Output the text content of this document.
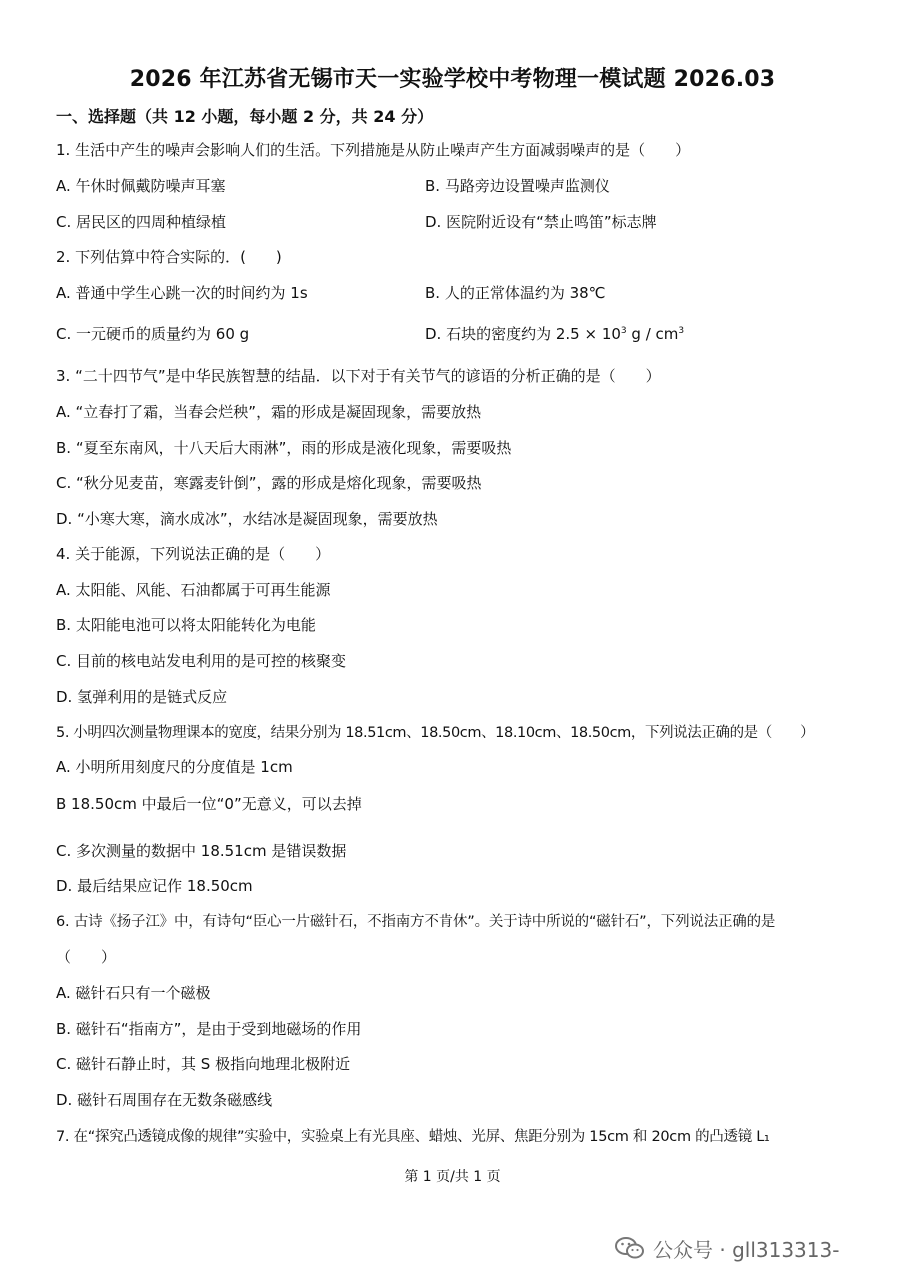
2026 年江苏省无锡市天一实验学校中考物理一模试题 2026.03
一、选择题（共 12 小题，每小题 2 分，共 24 分）
1. 生活中产生的噪声会影响人们的生活。下列措施是从防止噪声产生方面减弱噪声的是（　　）
A. 午休时佩戴防噪声耳塞	B. 马路旁边设置噪声监测仪
C. 居民区的四周种植绿植	D. 医院附近设有“禁止鸣笛”标志牌
2. 下列估算中符合实际的．(　　)
A. 普通中学生心跳一次的时间约为 1s	B. 人的正常体温约为 38℃
C. 一元硬币的质量约为 60 g	D. 石块的密度约为 $2.5 \times 10^3$ g / $cm^3$
3. “二十四节气”是中华民族智慧的结晶．以下对于有关节气的谚语的分析正确的是（　　）
A. “立春打了霜，当春会烂秧”，霜的形成是凝固现象，需要放热
B. “夏至东南风，十八天后大雨淋”，雨的形成是液化现象，需要吸热
C. “秋分见麦苗，寒露麦针倒”，露的形成是熔化现象，需要吸热
D. “小寒大寒，滴水成冰”，水结冰是凝固现象，需要放热
4. 关于能源，下列说法正确的是（　　）
A. 太阳能、风能、石油都属于可再生能源
B. 太阳能电池可以将太阳能转化为电能
C. 目前的核电站发电利用的是可控的核聚变
D. 氢弹利用的是链式反应
5. 小明四次测量物理课本的宽度，结果分别为 18.51cm、18.50cm、18.10cm、18.50cm，下列说法正确的是（　　）
A. 小明所用刻度尺的分度值是 1cm
B 18.50cm 中最后一位“0”无意义，可以去掉
C. 多次测量的数据中 18.51cm 是错误数据
D. 最后结果应记作 18.50cm
6. 古诗《扬子江》中，有诗句“臣心一片磁针石，不指南方不肯休”。关于诗中所说的“磁针石”，下列说法正确的是
（　　）
A. 磁针石只有一个磁极
B. 磁针石“指南方”，是由于受到地磁场的作用
C. 磁针石静止时，其 S 极指向地理北极附近
D. 磁针石周围存在无数条磁感线
7. 在“探究凸透镜成像的规律”实验中，实验桌上有光具座、蜡烛、光屏、焦距分别为 15cm 和 20cm 的凸透镜 L₁
第 1 页/共 1 页
公众号 · gll313313-
